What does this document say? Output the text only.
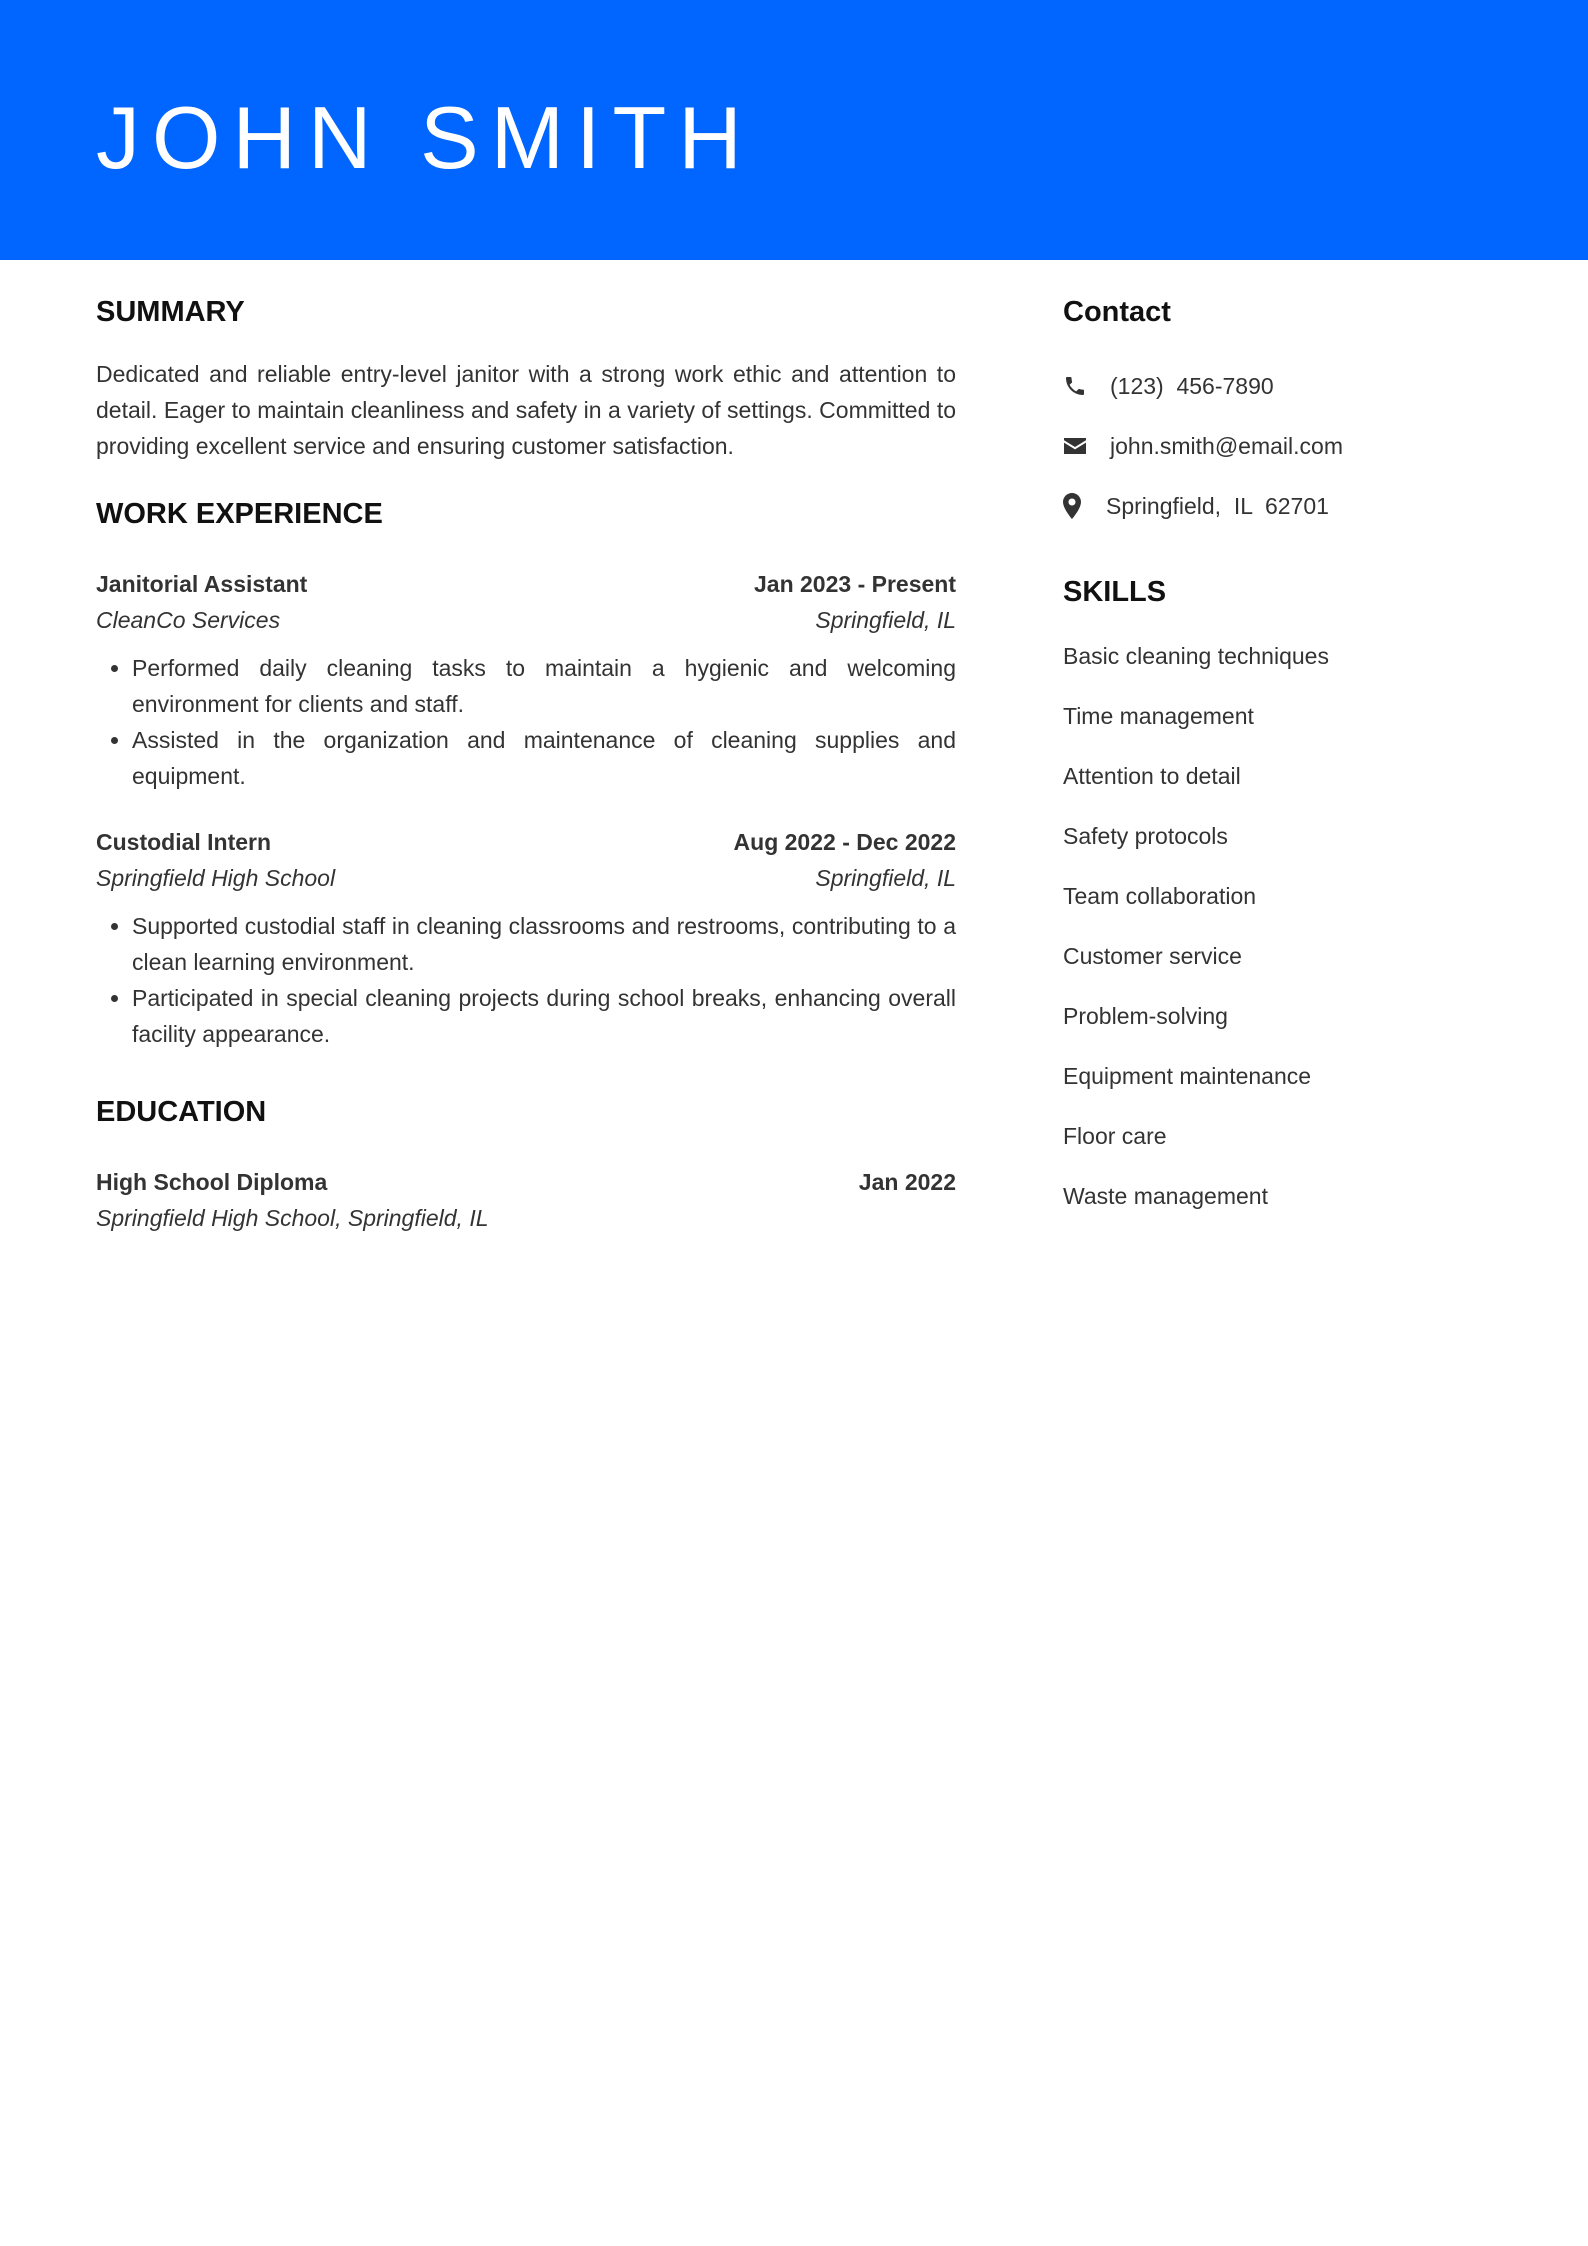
JOHN SMITH
SUMMARY

Dedicated and reliable entry-level janitor with a strong work ethic and attention to detail. Eager to maintain cleanliness and safety in a variety of settings. Committed to providing excellent service and ensuring customer satisfaction.

WORK EXPERIENCE
Janitorial Assistant	Jan 2023 - Present
CleanCo Services	Springfield, IL
• Performed daily cleaning tasks to maintain a hygienic and welcoming environment for clients and staff.
• Assisted in the organization and maintenance of cleaning supplies and equipment.
Custodial Intern	Aug 2022 - Dec 2022
Springfield High School	Springfield, IL
• Supported custodial staff in cleaning classrooms and restrooms, contributing to a clean learning environment.
• Participated in special cleaning projects during school breaks, enhancing overall facility appearance.
EDUCATION
High School Diploma	Jan 2022
Springfield High School, Springfield, IL
Contact
(123)  456-7890
john.smith@email.com
Springfield,  IL  62701
SKILLS
Basic cleaning techniques
Time management
Attention to detail
Safety protocols
Team collaboration
Customer service
Problem-solving
Equipment maintenance
Floor care
Waste management
